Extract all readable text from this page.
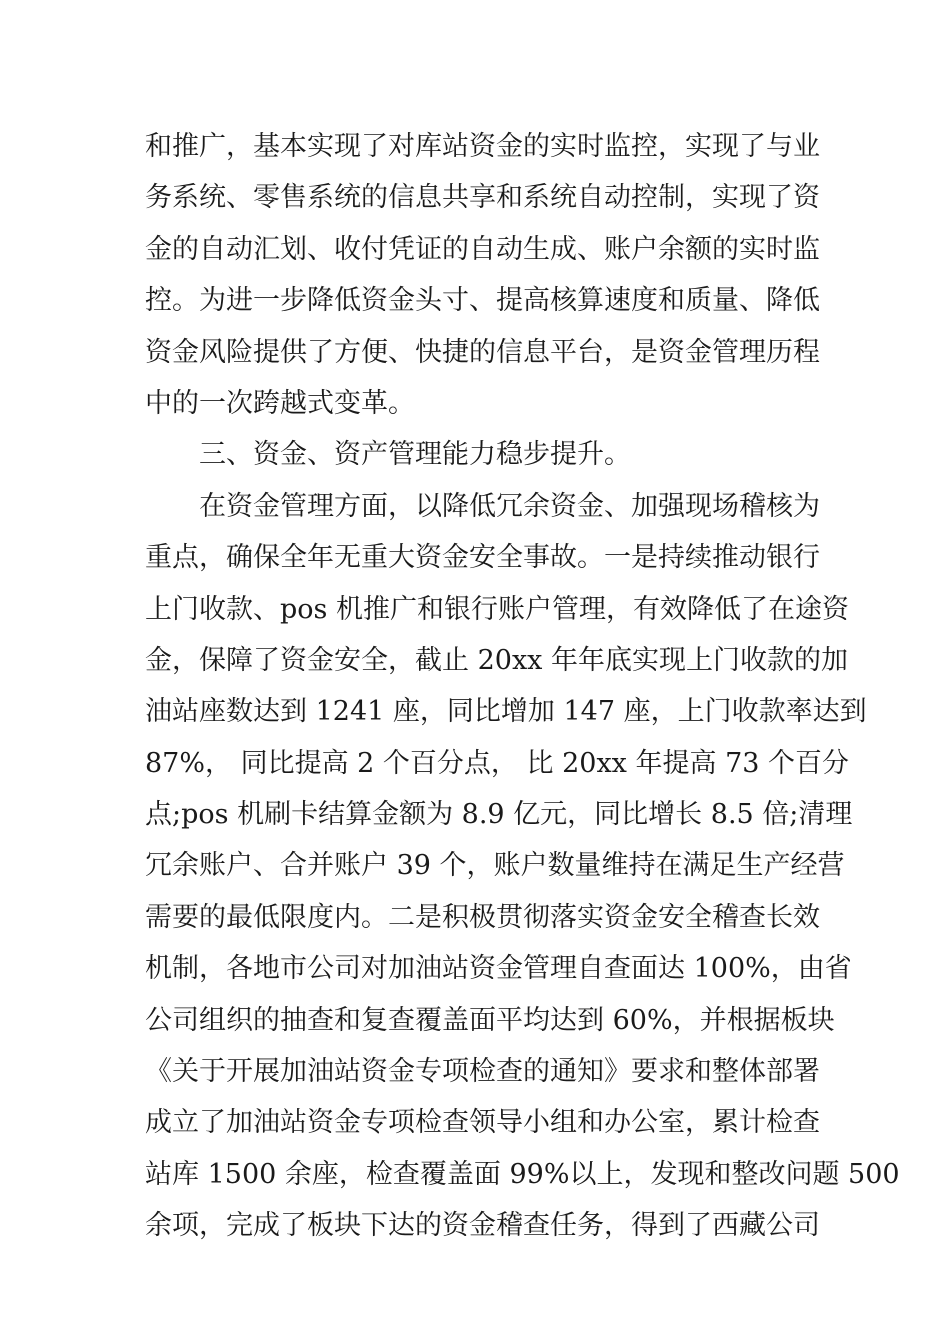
和推广，基本实现了对库站资金的实时监控，实现了与业
务系统、零售系统的信息共享和系统自动控制，实现了资
金的自动汇划、收付凭证的自动生成、账户余额的实时监
控。为进一步降低资金头寸、提高核算速度和质量、降低
资金风险提供了方便、快捷的信息平台，是资金管理历程
中的一次跨越式变革。
三、资金、资产管理能力稳步提升。
在资金管理方面，以降低冗余资金、加强现场稽核为
重点，确保全年无重大资金安全事故。一是持续推动银行
上门收款、pos 机推广和银行账户管理，有效降低了在途资
金，保障了资金安全，截止 20xx 年年底实现上门收款的加
油站座数达到 1241 座，同比增加 147 座，上门收款率达到
87%， 同比提高 2 个百分点， 比 20xx 年提高 73 个百分
点;pos 机刷卡结算金额为 8.9 亿元，同比增长 8.5 倍;清理
冗余账户、合并账户 39 个，账户数量维持在满足生产经营
需要的最低限度内。二是积极贯彻落实资金安全稽查长效
机制，各地市公司对加油站资金管理自查面达 100%，由省
公司组织的抽查和复查覆盖面平均达到 60%，并根据板块
《关于开展加油站资金专项检查的通知》要求和整体部署
成立了加油站资金专项检查领导小组和办公室，累计检查
站库 1500 余座，检查覆盖面 99%以上，发现和整改问题 500
余项，完成了板块下达的资金稽查任务，得到了西藏公司
